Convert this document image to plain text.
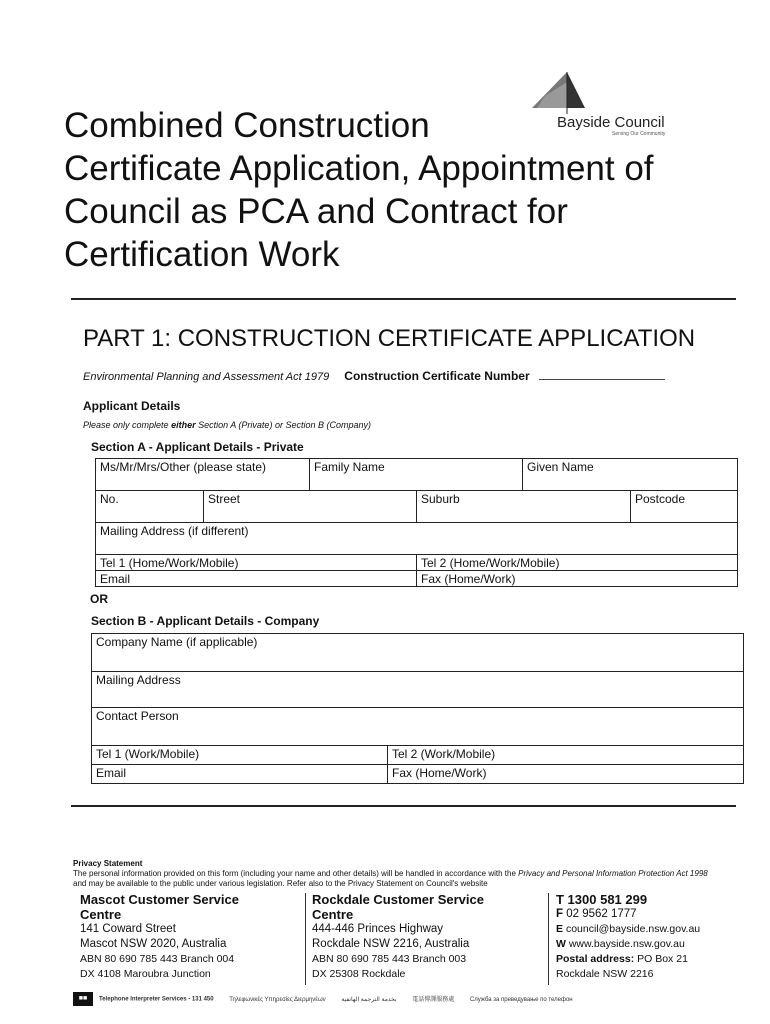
Combined Construction
Certificate Application, Appointment of
Council as PCA and Contract for
Certification Work
Bayside Council
Serving Our Community
PART 1: CONSTRUCTION CERTIFICATE APPLICATION
Environmental Planning and Assessment Act 1979 Construction Certificate Number
Applicant Details
Please only complete either Section A (Private) or Section B (Company)
Section A - Applicant Details - Private
Ms/Mr/Mrs/Other (please state)		Family Name		Given Name	
No.	Street		Suburb		Postcode
Mailing Address (if different)					
Tel 1 (Home/Work/Mobile)			Tel 2 (Home/Work/Mobile)		
Email			Fax (Home/Work)		
OR
Section B - Applicant Details - Company
Company Name (if applicable)	
Mailing Address	
Contact Person	
Tel 1 (Work/Mobile)	Tel 2 (Work/Mobile)
Email	Fax (Home/Work)
Privacy Statement
The personal information provided on this form (including your name and other details) will be handled in accordance with the Privacy and Personal Information Protection Act 1998 and may be available to the public under various legislation. Refer also to the Privacy Statement on Council's website
Mascot Customer Service
Centre
141 Coward Street
Mascot NSW 2020, Australia
ABN 80 690 785 443 Branch 004
DX 4108 Maroubra Junction
Rockdale Customer Service
Centre
444-446 Princes Highway
Rockdale NSW 2216, Australia
ABN 80 690 785 443 Branch 003
DX 25308 Rockdale
T 1300 581 299
F 02 9562 1777
E council@bayside.nsw.gov.au
W www.bayside.nsw.gov.au
Postal address: PO Box 21
Rockdale NSW 2216
■■ Telephone Interpreter Services - 131 450	Τηλεφωνικές Υπηρεσίες Διερμηνέων	بخدمة الترجمة الهاتفية	電話傳譯服務處	Служба за преведување по телефон
